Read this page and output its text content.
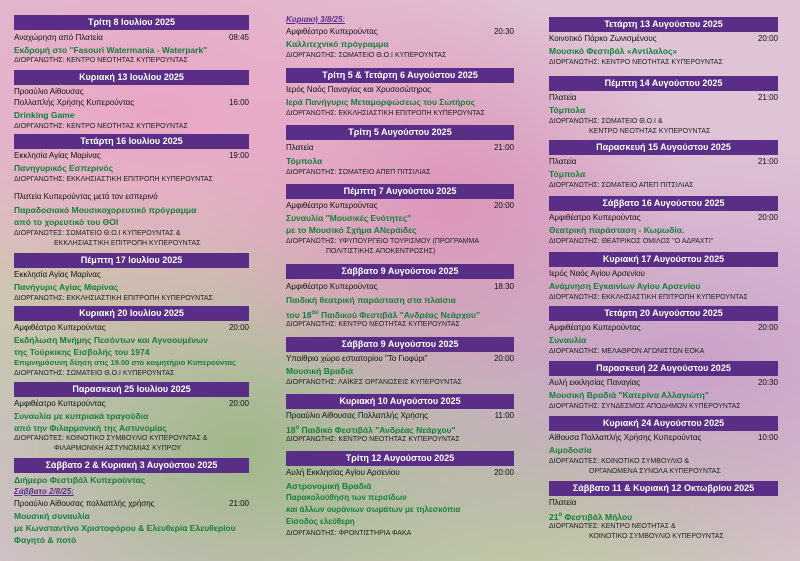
Τρίτη 8 Ιουλίου 2025
Αναχώρηση από Πλατεία	08:45
Εκδρομή στο "Fasouri Watermania - Waterpark"
ΔΙΟΡΓΑΝΩΤΗΣ: ΚΕΝΤΡΟ ΝΕΟΤΗΤΑΣ ΚΥΠΕΡΟΥΝΤΑΣ
Κυριακή 13 Ιουλίου 2025
Προαύλιο Αίθουσας
Πολλαπλής Χρήσης Κυπερούντας	16:00
Drinking Game
ΔΙΟΡΓΑΝΩΤΗΣ: ΚΕΝΤΡΟ ΝΕΟΤΗΤΑΣ ΚΥΠΕΡΟΥΝΤΑΣ
Τετάρτη 16 Ιουλίου 2025
Εκκλησία Αγίας Μαρίνας	19:00
Πανηγυρικός Εσπερινός
ΔΙΟΡΓΑΝΩΤΗΣ: ΕΚΚΛΗΣΙΑΣΤΙΚΗ ΕΠΙΤΡΟΠΗ ΚΥΠΕΡΟΥΝΤΑΣ
Πλατεία Κυπερούντας μετά τον εσπερινό
Παραδοσιακό Μουσικοχορευτικό πρόγραμμα
από το χορευτικό του ΘΟΙ
ΔΙΟΡΓΑΝΩΤΕΣ: ΣΩΜΑΤΕΙΟ Θ.Ο.Ι ΚΥΠΕΡΟΥΝΤΑΣ &
ΕΚΚΛΗΣΙΑΣΤΙΚΗ ΕΠΙΤΡΟΠΗ ΚΥΠΕΡΟΥΝΤΑΣ
Πέμπτη 17 Ιουλίου 2025
Εκκλησία Αγίας Μαρίνας
Πανήγυρις Αγίας Μαρίνας
ΔΙΟΡΓΑΝΩΤΗΣ: ΕΚΚΛΗΣΙΑΣΤΙΚΗ ΕΠΙΤΡΟΠΗ ΚΥΠΕΡΟΥΝΤΑΣ
Κυριακή 20 Ιουλίου 2025
Αμφιθέατρο Κυπερούντας	20:00
Εκδήλωση Μνήμης Πεσόντων και Αγνοουμένων
της Τούρκικης Εισβολής του 1974
Επιμνημόσυνη δέηση στις 19.00 στο κοιμητήριο Κυπερούντας
ΔΙΟΡΓΑΝΩΤΗΣ: ΣΩΜΑΤΕΙΟ Θ.Ο.Ι ΚΥΠΕΡΟΥΝΤΑΣ
Παρασκευή 25 Ιουλίου 2025
Αμφιθέατρο Κυπερούντας	20:00
Συναυλία με κυπριακά τραγούδια
από την Φιλαρμονική της Αστυνομίας
ΔΙΟΡΓΑΝΩΤΕΣ: ΚΟΙΝΟΤΙΚΟ ΣΥΜΒΟΥΛΙΟ ΚΥΠΕΡΟΥΝΤΑΣ &
ΦΙΛΑΡΜΟΝΙΚΗ ΑΣΤΥΝΟΜΙΑΣ ΚΥΠΡΟΥ
Σάββατο 2 & Κυριακή 3 Αυγούστου 2025
Διήμερο Φεστιβάλ Κυπερούντας
Σάββατο 2/8/25:
Προαύλιο Αίθουσας πολλαπλής χρήσης	21:00
Μουσική συναυλία
με Κωνσταντίνο Χριστοφόρου & Ελευθερία Ελευθερίου
Φαγητό & ποτό
Κυριακή 3/8/25:
Αμφιθέατρο Κυπερούντας	20:30
Καλλιτεχνικό πρόγραμμα
ΔΙΟΡΓΑΝΩΤΗΣ: ΣΩΜΑΤΕΙΟ Θ.Ο.Ι ΚΥΠΕΡΟΥΝΤΑΣ
Τρίτη 5 & Τετάρτη 6 Αυγούστου 2025
Ιερός Ναός Παναγίας και Χρυσοσώτηρος
Ιερά Πανήγυρις Μεταμορφώσεως του Σωτήρος
ΔΙΟΡΓΑΝΩΤΗΣ: ΕΚΚΛΗΣΙΑΣΤΙΚΗ ΕΠΙΤΡΟΠΗ ΚΥΠΕΡΟΥΝΤΑΣ
Τρίτη 5 Αυγούστου 2025
Πλατεία	21:00
Τόμπολα
ΔΙΟΡΓΑΝΩΤΗΣ: ΣΩΜΑΤΕΙΟ ΑΠΕΠ ΠΙΤΣΙΛΙΑΣ
Πέμπτη 7 Αυγούστου 2025
Αμφιθέατρο Κυπερούντας	20:00
Συναυλία "Μουσικές Ενότητες"
με το Μουσικό Σχήμα ΑΝεράιδες
ΔΙΟΡΓΑΝΩΤΗΣ: ΥΦΥΠΟΥΡΓΕΙΟ ΤΟΥΡΙΣΜΟΥ (ΠΡΟΓΡΑΜΜΑ
ΠΟΛΙΤΙΣΤΙΚΗΣ ΑΠΟΚΕΝΤΡΩΣΗΣ)
Σάββατο 9 Αυγούστου 2025
Αμφιθέατρο Κυπερούντας	18:30
Παιδική θεατρική παράσταση στα πλαίσια
του $18^{o\upsilon}$ Παιδικού Φεστιβάλ "Ανδρέας Νεάρχου"
ΔΙΟΡΓΑΝΩΤΗΣ: ΚΕΝΤΡΟ ΝΕΟΤΗΤΑΣ ΚΥΠΕΡΟΥΝΤΑΣ
Σάββατο 9 Αυγούστου 2025
Υπαίθριο χώρο εστιατορίου "Το Γιοφύρι"	20:00
Μουσική Βραδιά
ΔΙΟΡΓΑΝΩΤΗΣ: ΛΑΪΚΕΣ ΟΡΓΑΝΩΣΕΙΣ ΚΥΠΕΡΟΥΝΤΑΣ
Κυριακή 10 Αυγούστου 2025
Προαύλιο Αίθουσας Πολλαπλής Χρήσης	11:00
$18^o$ Παιδικό Φεστιβάλ "Ανδρέας Νεάρχου"
ΔΙΟΡΓΑΝΩΤΗΣ: ΚΕΝΤΡΟ ΝΕΟΤΗΤΑΣ ΚΥΠΕΡΟΥΝΤΑΣ
Τρίτη 12 Αυγούστου 2025
Αυλή Εκκλησίας Αγίου Αρσενίου	20:00
Αστρονομική Βραδιά
Παρακολούθηση των περσίδων
και άλλων ουράνιων σωμάτων με τηλεσκόπια
Είσοδος ελεύθερη
ΔΙΟΡΓΑΝΩΤΗΣ: ΦΡΟΝΤΙΣΤΗΡΙΑ ΦΑΚΑ
Τετάρτη 13 Αυγούστου 2025
Κοινοτικό Πάρκο Ζωνισμένους	20:00
Μουσικό Φεστιβάλ «Αντίλαλος»
ΔΙΟΡΓΑΝΩΤΗΣ: ΚΕΝΤΡΟ ΝΕΟΤΗΤΑΣ ΚΥΠΕΡΟΥΝΤΑΣ
Πέμπτη 14 Αυγούστου 2025
Πλατεία	21:00
Τόμπολα
ΔΙΟΡΓΑΝΩΤΗΣ: ΣΩΜΑΤΕΙΟ Θ.Ο.Ι &
ΚΕΝΤΡΟ ΝΕΟΤΗΤΑΣ ΚΥΠΕΡΟΥΝΤΑΣ
Παρασκευή 15 Αυγούστου 2025
Πλατεία	21:00
Τόμπολα
ΔΙΟΡΓΑΝΩΤΗΣ: ΣΩΜΑΤΕΙΟ ΑΠΕΠ ΠΙΤΣΙΛΙΑΣ
Σάββατο 16 Αυγούστου 2025
Αμφιθέατρο Κυπερούντας	20:00
Θεατρική παράσταση - Κωμωδία.
ΔΙΟΡΓΑΝΩΤΗΣ: ΘΕΑΤΡΙΚΟΣ ΟΜΙΛΟΣ "Ο ΑΔΡΑΧΤΙ"
Κυριακή 17 Αυγούστου 2025
Ιερός Ναός Αγίου Αρσενίου
Ανάμνηση Εγκαινίων Αγίου Αρσενίου
ΔΙΟΡΓΑΝΩΤΗΣ: ΕΚΚΛΗΣΙΑΣΤΙΚΗ ΕΠΙΤΡΟΠΗ ΚΥΠΕΡΟΥΝΤΑΣ
Τετάρτη 20 Αυγούστου 2025
Αμφιθέατρο Κυπερούντας	20:00
Συναυλία
ΔΙΟΡΓΑΝΩΤΗΣ: ΜΕΛΑΘΡΟΝ ΑΓΩΝΙΣΤΩΝ ΕΟΚΑ
Παρασκευή 22 Αυγούστου 2025
Αυλή εκκλησίας Παναγίας	20:30
Μουσική Βραδιά "Κατερίνα Αλλαγιώτη"
ΔΙΟΡΓΑΝΩΤΗΣ: ΣΥΝΔΕΣΜΟΣ ΑΠΟΔΗΜΩΝ ΚΥΠΕΡΟΥΝΤΑΣ
Κυριακή 24 Αυγούστου 2025
Αίθουσα Πολλαπλής Χρήσης Κυπερούντας	10:00
Αιμοδοσία
ΔΙΟΡΓΑΝΩΤΕΣ: ΚΟΙΝΟΤΙΚΟ ΣΥΜΒΟΥΛΙΟ &
ΟΡΓΑΝΩΜΕΝΑ ΣΥΝΟΛΑ ΚΥΠΕΡΟΥΝΤΑΣ
Σάββατο 11 & Κυριακή 12 Οκτωβρίου 2025
Πλατεία
$21^o$ Φεστιβάλ Μήλου
ΔΙΟΡΓΑΝΩΤΕΣ: ΚΕΝΤΡΟ ΝΕΟΤΗΤΑΣ &
ΚΟΙΝΟΤΙΚΟ ΣΥΜΒΟΥΛΙΟ ΚΥΠΕΡΟΥΝΤΑΣ
